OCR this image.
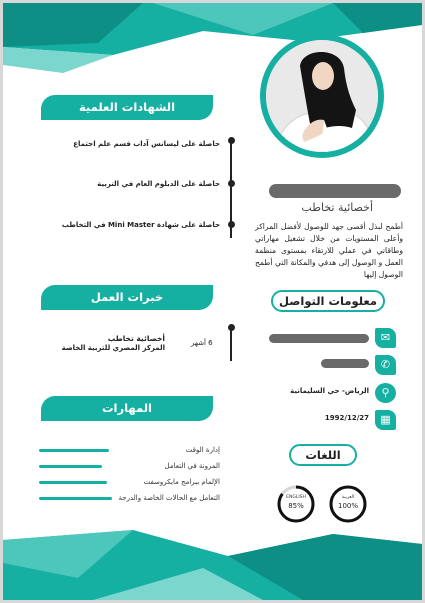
أخصائية تخاطب
أطمح لبذل أقصى جهد للوصول لأفضل المراكز وأعلى المستويات من خلال تشغيل مهاراتي وطاقاتي في عملي للارتقاء بمستوى منظمة العمل و الوصول إلى هدفي والمكانة التي أطمح الوصول إليها
الشهادات العلمية
حاصلة على ليسانس آداب قسم علم اجتماع
حاصلة على الدبلوم العام في التربية
حاصلة على شهادة Mini Master في التخاطب
خبرات العمل
6 أشهر
أخصائية تخاطب
المركز المصري للتربية الخاصة
المهارات
إدارة الوقت
المرونة في التعامل
الإلمام ببرامج مايكروسفت
التعامل مع الحالات الخاصة والدرجة
معلومات التواصل
✉
✆
⚲
▦
الرياض- حي السليمانية
1992/12/27
اللغات
العربية
100%
ENGLISH
85%
